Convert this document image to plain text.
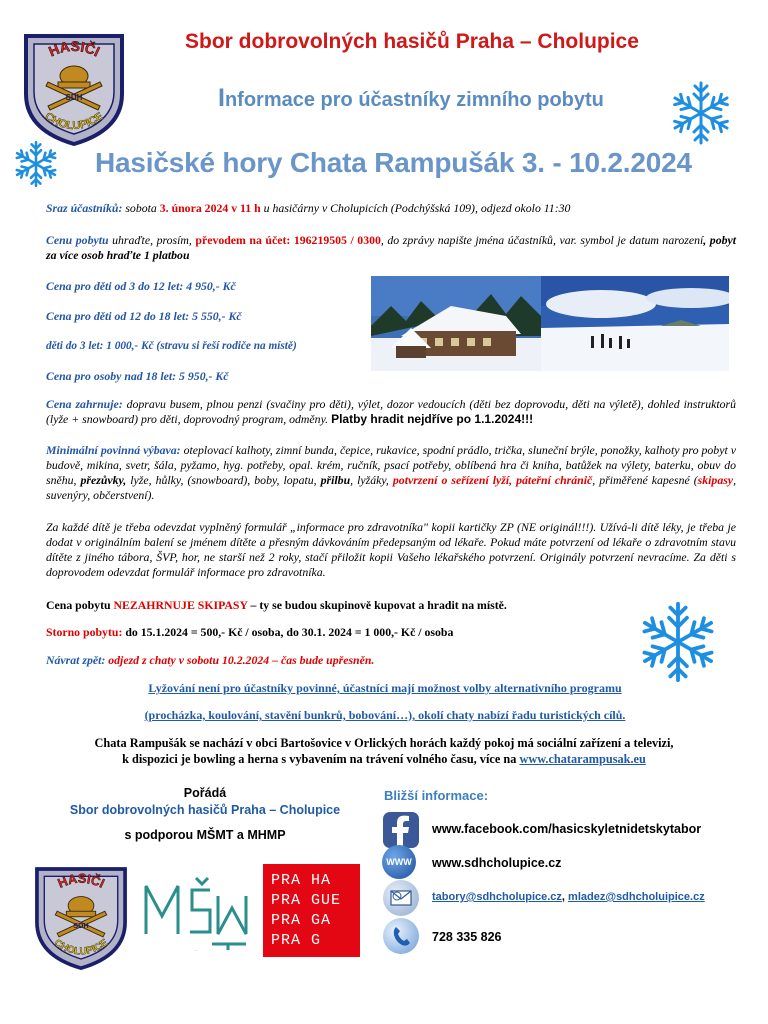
HASIČI
CHOLUPICE
SDH
Sbor dobrovolných hasičů Praha – Cholupice
Informace pro účastníky zimního pobytu
Hasičské hory Chata Rampušák 3. - 10.2.2024
Sraz účastníků: sobota 3. února 2024 v 11 h u hasičárny v Cholupicích (Podchýšská 109), odjezd okolo 11:30
Cenu pobytu uhraďte, prosím, převodem na účet: 196219505 / 0300, do zprávy napište jména účastníků, var. symbol je datum narození, pobyt za více osob hraďte 1 platbou
Cena pro děti od 3 do 12 let: 4 950,- Kč
Cena pro děti od 12 do 18 let: 5 550,- Kč
děti do 3 let: 1 000,- Kč (stravu si řeší rodiče na místě)
Cena pro osoby nad 18 let: 5 950,- Kč
Cena zahrnuje: dopravu busem, plnou penzi (svačiny pro děti), výlet, dozor vedoucích (děti bez doprovodu, děti na výletě), dohled instruktorů (lyže + snowboard) pro děti, doprovodný program, odměny. Platby hradit nejdříve po 1.1.2024!!!
Minimální povinná výbava: oteplovací kalhoty, zimní bunda, čepice, rukavice, spodní prádlo, trička, sluneční brýle, ponožky, kalhoty pro pobyt v budově, mikina, svetr, šála, pyžamo, hyg. potřeby, opal. krém, ručník, psací potřeby, oblíbená hra či kniha, batůžek na výlety, baterku, obuv do sněhu, přezůvky, lyže, hůlky, (snowboard), boby, lopatu, přilbu, lyžáky, potvrzení o seřízení lyží, páteřní chránič, přiměřené kapesné (skipasy, suvenýry, občerstvení).
Za každé dítě je třeba odevzdat vyplněný formulář „informace pro zdravotníka" kopii kartičky ZP (NE originál!!!). Užívá-li dítě léky, je třeba je dodat v originálním balení se jménem dítěte a přesným dávkováním předepsaným od lékaře. Pokud máte potvrzení od lékaře o zdravotním stavu dítěte z jiného tábora, ŠVP, hor, ne starší než 2 roky, stačí přiložit kopii Vašeho lékařského potvrzení. Originály potvrzení nevracíme. Za děti s doprovodem odevzdat formulář informace pro zdravotníka.
Cena pobytu NEZAHRNUJE SKIPASY – ty se budou skupinově kupovat a hradit na místě.
Storno pobytu: do 15.1.2024 = 500,- Kč / osoba, do 30.1. 2024 = 1 000,- Kč / osoba
Návrat zpět: odjezd z chaty v sobotu 10.2.2024 – čas bude upřesněn.
Lyžování není pro účastníky povinné, účastníci mají možnost volby alternativního programu
(procházka, koulování, stavění bunkrů, bobování…), okolí chaty nabízí řadu turistických cílů.
Chata Rampušák se nachází v obci Bartošovice v Orlických horách každý pokoj má sociální zařízení a televizi,
k dispozici je bowling a herna s vybavením na trávení volného času, více na www.chatarampusak.eu
Pořádá
Sbor dobrovolných hasičů Praha – Cholupice
s podporou MŠMT a MHMP
HASIČI
CHOLUPICE
SDH
MŠMT
PRA HA
PRA GUE
PRA GA
PRA G
Bližší informace:
www.facebook.com/hasicskyletnidetskytabor
WWW	www.sdhcholupice.cz
tabory@sdhcholupice.cz, mladez@sdhcholuipice.cz
728 335 826
